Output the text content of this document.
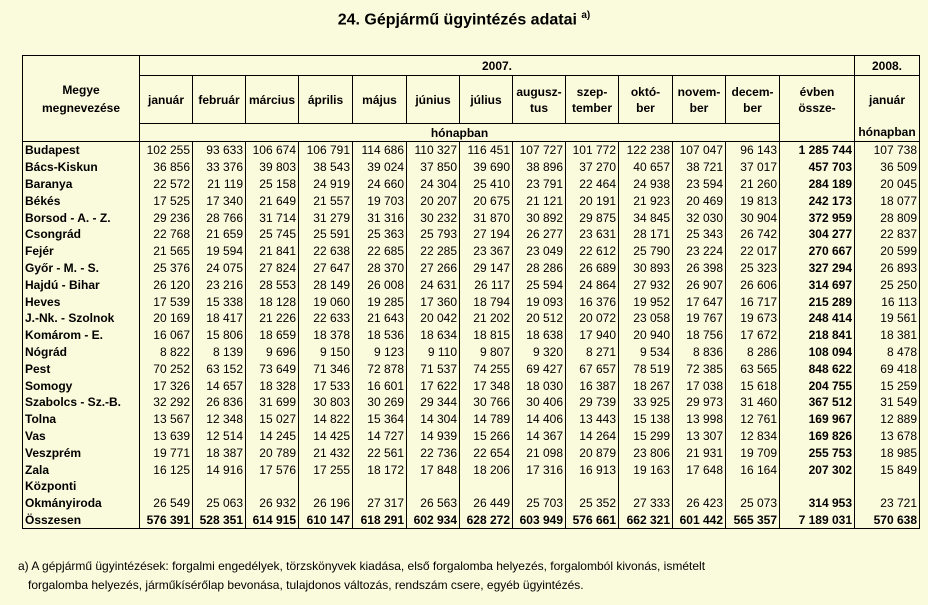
24. Gépjármű ügyintézés adatai $^{a)}$
Megye megnevezése	2007.													2008.
	január	február	március	április	május	június	július	augusz- tus	szep- tember	októ- ber	novem- ber	decem- ber	évben össze-	január
	hónapban													hónapban
Budapest	102 255	93 633	106 674	106 791	114 686	110 327	116 451	107 727	101 772	122 238	107 047	96 143	1 285 744	107 738
Bács-Kiskun	36 856	33 376	39 803	38 543	39 024	37 850	39 690	38 896	37 270	40 657	38 721	37 017	457 703	36 509
Baranya	22 572	21 119	25 158	24 919	24 660	24 304	25 410	23 791	22 464	24 938	23 594	21 260	284 189	20 045
Békés	17 525	17 340	21 649	21 557	19 703	20 207	20 675	21 121	20 191	21 923	20 469	19 813	242 173	18 077
Borsod - A. - Z.	29 236	28 766	31 714	31 279	31 316	30 232	31 870	30 892	29 875	34 845	32 030	30 904	372 959	28 809
Csongrád	22 768	21 659	25 745	25 591	25 363	25 793	27 194	26 277	23 631	28 171	25 343	26 742	304 277	22 837
Fejér	21 565	19 594	21 841	22 638	22 685	22 285	23 367	23 049	22 612	25 790	23 224	22 017	270 667	20 599
Győr - M. - S.	25 376	24 075	27 824	27 647	28 370	27 266	29 147	28 286	26 689	30 893	26 398	25 323	327 294	26 893
Hajdú - Bihar	26 120	23 216	28 553	28 149	26 008	24 631	26 117	25 594	24 864	27 932	26 907	26 606	314 697	25 250
Heves	17 539	15 338	18 128	19 060	19 285	17 360	18 794	19 093	16 376	19 952	17 647	16 717	215 289	16 113
J.-Nk. - Szolnok	20 169	18 417	21 226	22 633	21 643	20 042	21 202	20 512	20 072	23 058	19 767	19 673	248 414	19 561
Komárom - E.	16 067	15 806	18 659	18 378	18 536	18 634	18 815	18 638	17 940	20 940	18 756	17 672	218 841	18 381
Nógrád	8 822	8 139	9 696	9 150	9 123	9 110	9 807	9 320	8 271	9 534	8 836	8 286	108 094	8 478
Pest	70 252	63 152	73 649	71 346	72 878	71 537	74 255	69 427	67 657	78 519	72 385	63 565	848 622	69 418
Somogy	17 326	14 657	18 328	17 533	16 601	17 622	17 348	18 030	16 387	18 267	17 038	15 618	204 755	15 259
Szabolcs - Sz.-B.	32 292	26 836	31 699	30 803	30 269	29 344	30 766	30 406	29 739	33 925	29 973	31 460	367 512	31 549
Tolna	13 567	12 348	15 027	14 822	15 364	14 304	14 789	14 406	13 443	15 138	13 998	12 761	169 967	12 889
Vas	13 639	12 514	14 245	14 425	14 727	14 939	15 266	14 367	14 264	15 299	13 307	12 834	169 826	13 678
Veszprém	19 771	18 387	20 789	21 432	22 561	22 736	22 654	21 098	20 879	23 806	21 931	19 709	255 753	18 985
Zala	16 125	14 916	17 576	17 255	18 172	17 848	18 206	17 316	16 913	19 163	17 648	16 164	207 302	15 849
Központi														
Okmányiroda	26 549	25 063	26 932	26 196	27 317	26 563	26 449	25 703	25 352	27 333	26 423	25 073	314 953	23 721
Összesen	576 391	528 351	614 915	610 147	618 291	602 934	628 272	603 949	576 661	662 321	601 442	565 357	7 189 031	570 638
a) A gépjármű ügyintézések: forgalmi engedélyek, törzskönyvek kiadása, első forgalomba helyezés, forgalomból kivonás, ismételt
forgalomba helyezés, járműkísérőlap bevonása, tulajdonos változás, rendszám csere, egyéb ügyintézés.
